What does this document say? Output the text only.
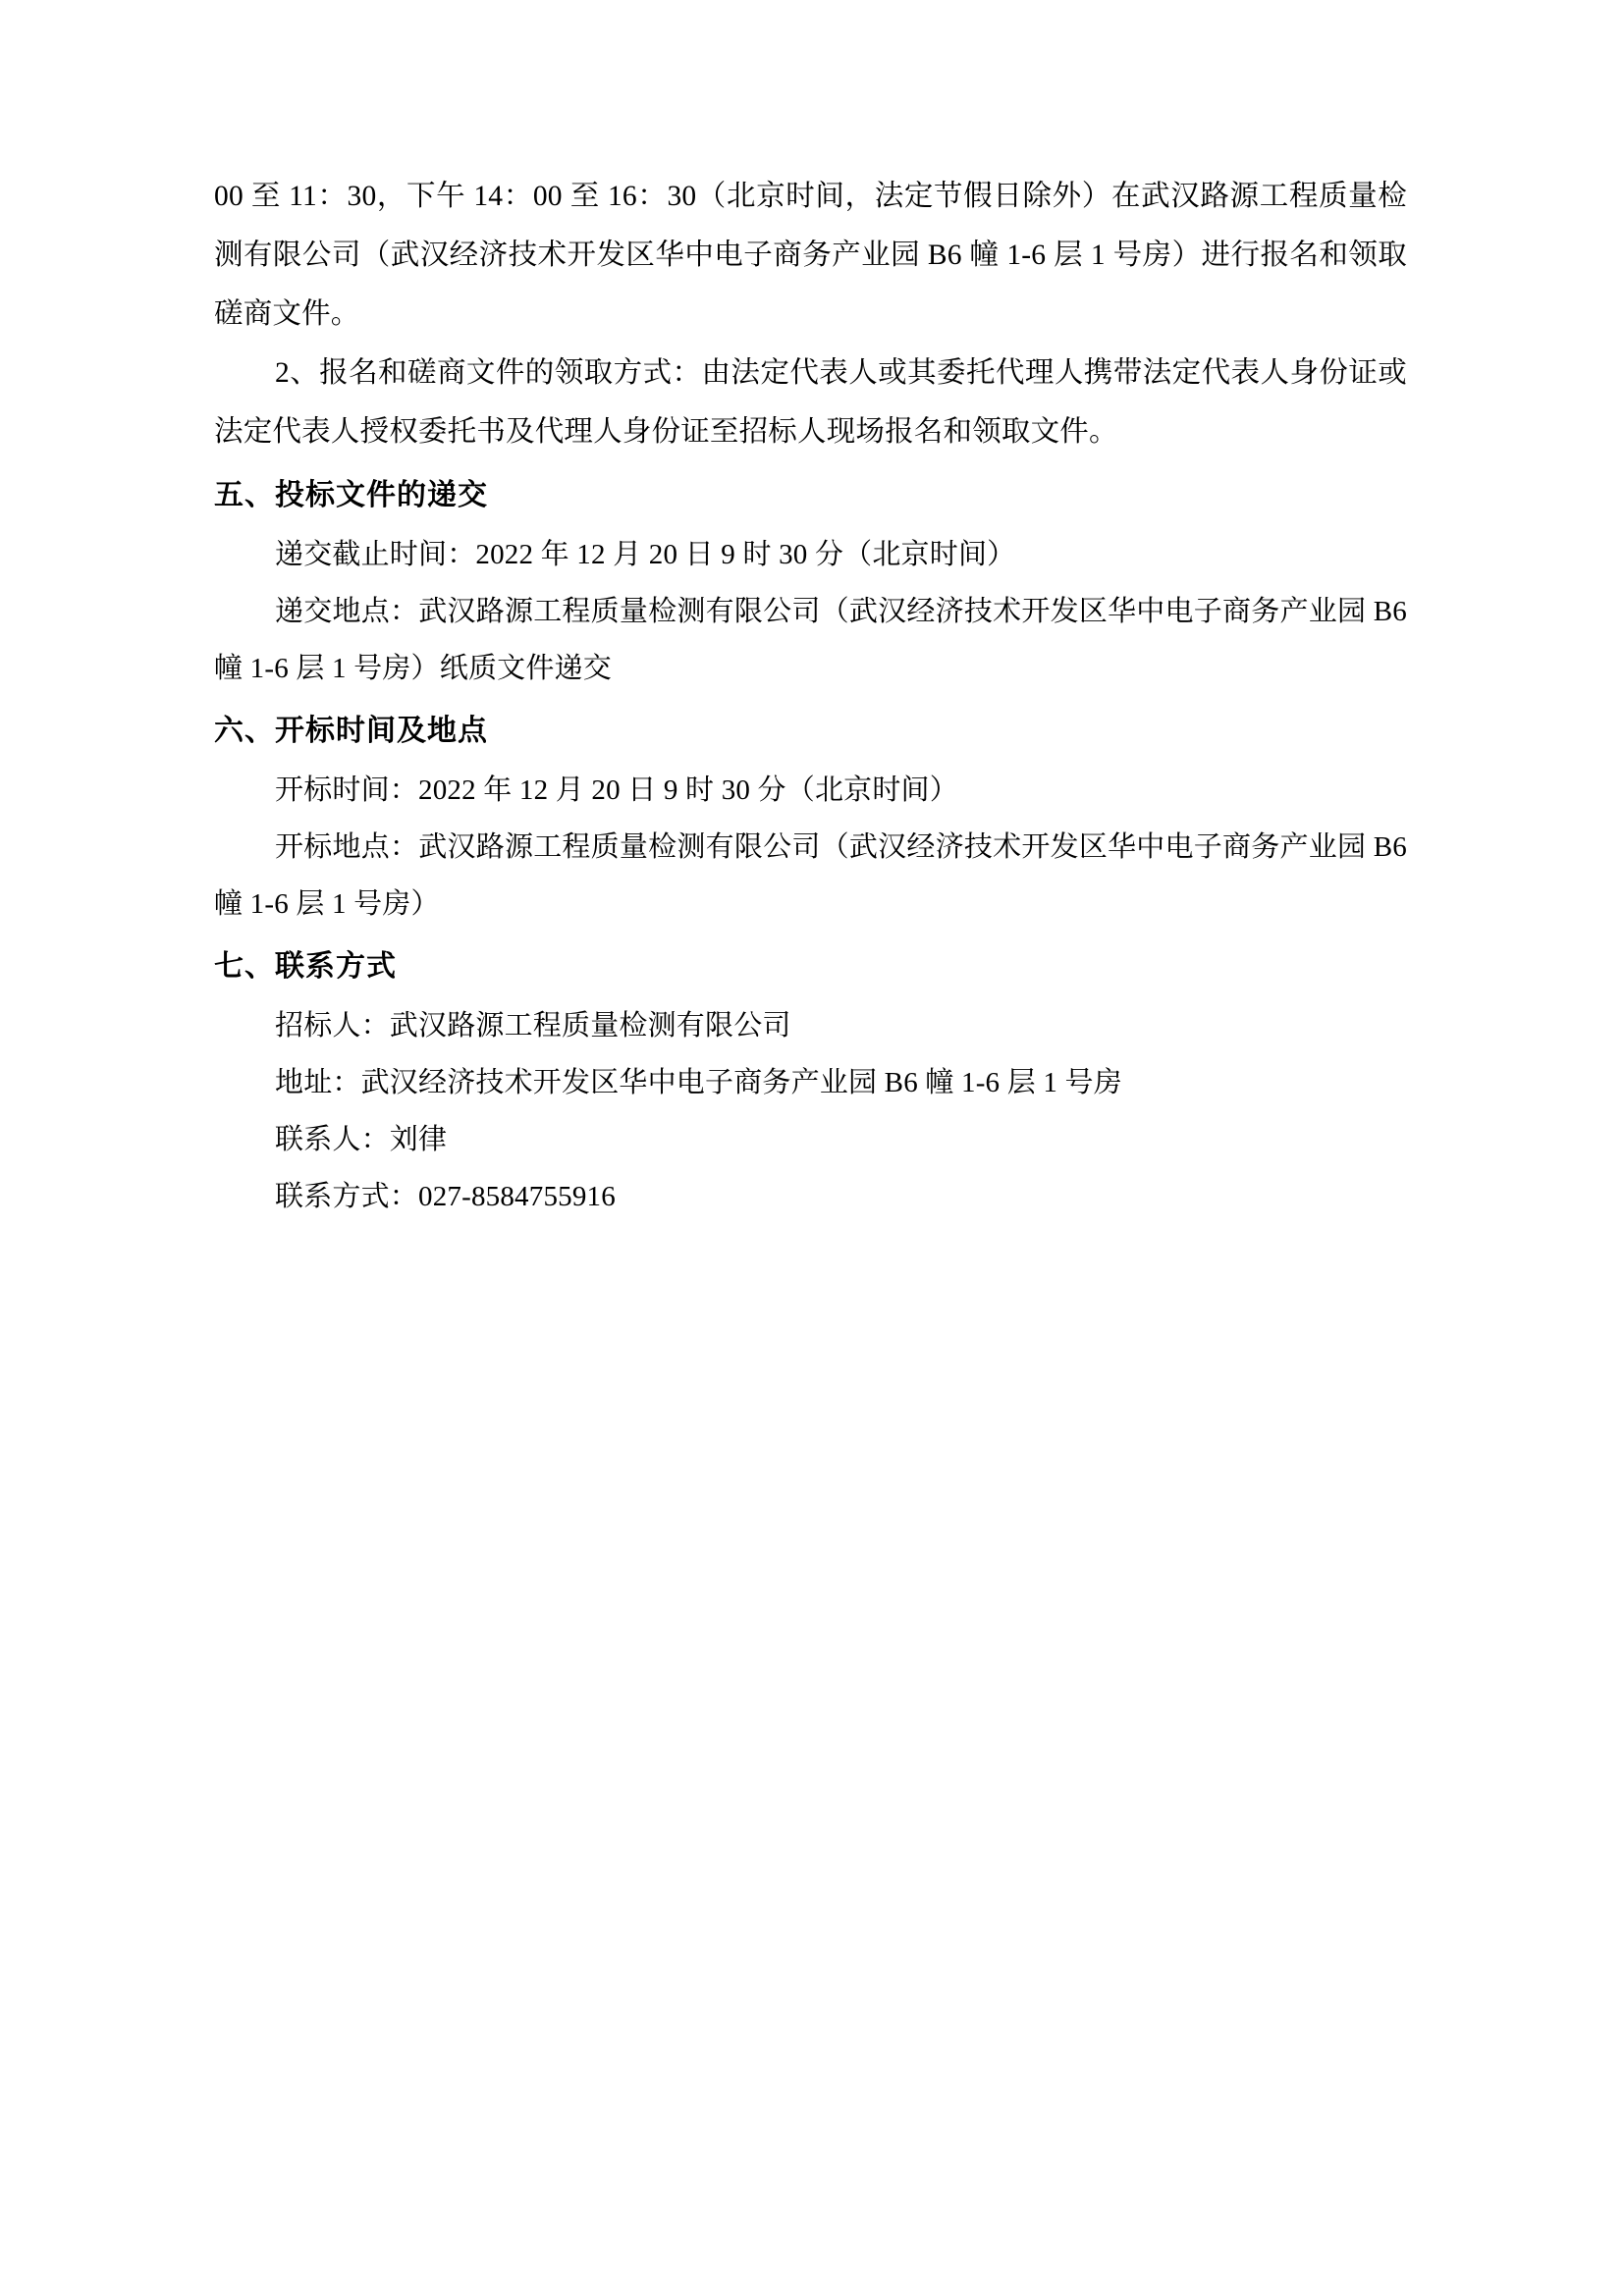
00 至 11：30，下午 14：00 至 16：30（北京时间，法定节假日除外）在武汉路源工程质量检测有限公司（武汉经济技术开发区华中电子商务产业园 B6 幢 1-6 层 1 号房）进行报名和领取磋商文件。

2、报名和磋商文件的领取方式：由法定代表人或其委托代理人携带法定代表人身份证或法定代表人授权委托书及代理人身份证至招标人现场报名和领取文件。

五、投标文件的递交

递交截止时间：2022 年 12 月 20 日 9 时 30 分（北京时间）

递交地点：武汉路源工程质量检测有限公司（武汉经济技术开发区华中电子商务产业园 B6 幢 1-6 层 1 号房）纸质文件递交

六、开标时间及地点

开标时间：2022 年 12 月 20 日 9 时 30 分（北京时间）

开标地点：武汉路源工程质量检测有限公司（武汉经济技术开发区华中电子商务产业园 B6 幢 1-6 层 1 号房）

七、联系方式

招标人：武汉路源工程质量检测有限公司

地址：武汉经济技术开发区华中电子商务产业园 B6 幢 1-6 层 1 号房

联系人：刘律

联系方式：027-8584755916
